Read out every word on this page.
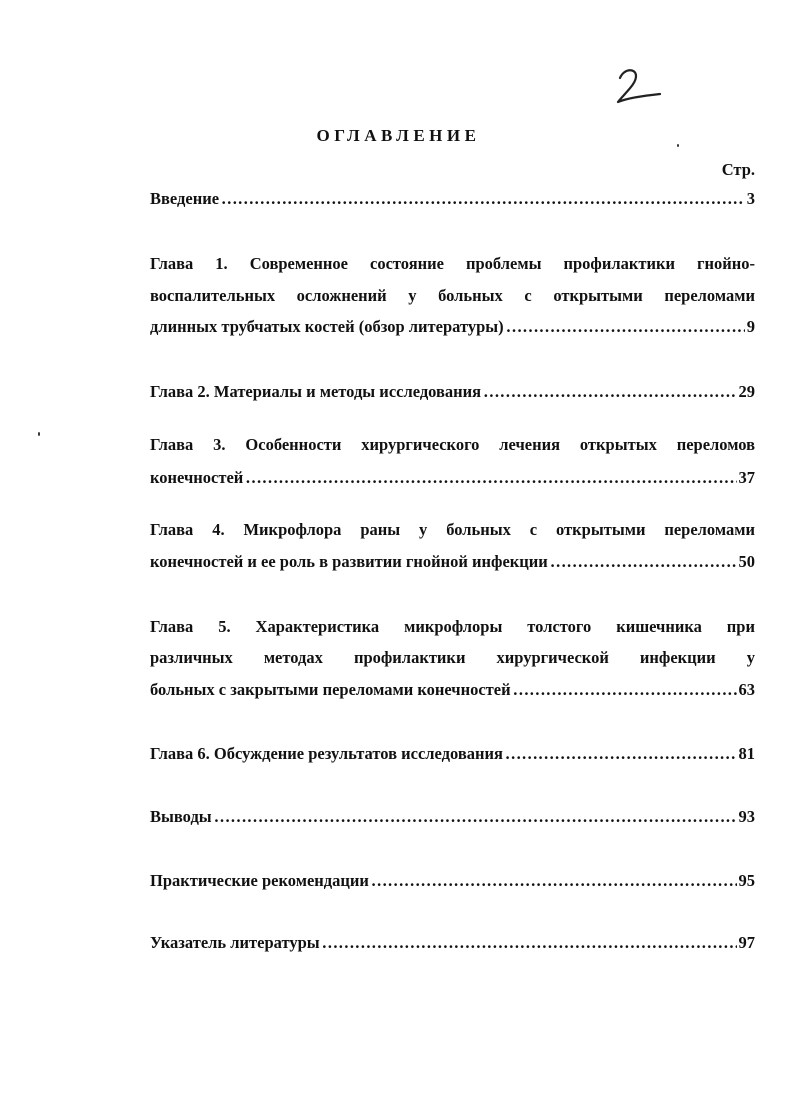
ОГЛАВЛЕНИЕ
Стр.
Введение ………………………………………………………………………………………………………………………………………………………………………	3
Глава 1. Современное состояние проблемы профилактики гнойно-
воспалительных осложнений у больных с открытыми переломами
длинных трубчатых костей (обзор литературы) ………………………………………………………………………………………………………………………………………………………………………	9
Глава 2. Материалы и методы исследования ………………………………………………………………………………………………………………………………………………………………………	29
Глава 3. Особенности хирургического лечения открытых переломов
конечностей ………………………………………………………………………………………………………………………………………………………………………	37
Глава 4. Микрофлора раны у больных с открытыми переломами
конечностей и ее роль в развитии гнойной инфекции ………………………………………………………………………………………………………………………………………………………………………	50
Глава 5. Характеристика микрофлоры толстого кишечника при
различных методах профилактики хирургической инфекции у
больных с закрытыми переломами конечностей ………………………………………………………………………………………………………………………………………………………………………	63
Глава 6. Обсуждение результатов исследования ………………………………………………………………………………………………………………………………………………………………………	81
Выводы ………………………………………………………………………………………………………………………………………………………………………	93
Практические рекомендации ………………………………………………………………………………………………………………………………………………………………………	95
Указатель литературы ………………………………………………………………………………………………………………………………………………………………………	97
